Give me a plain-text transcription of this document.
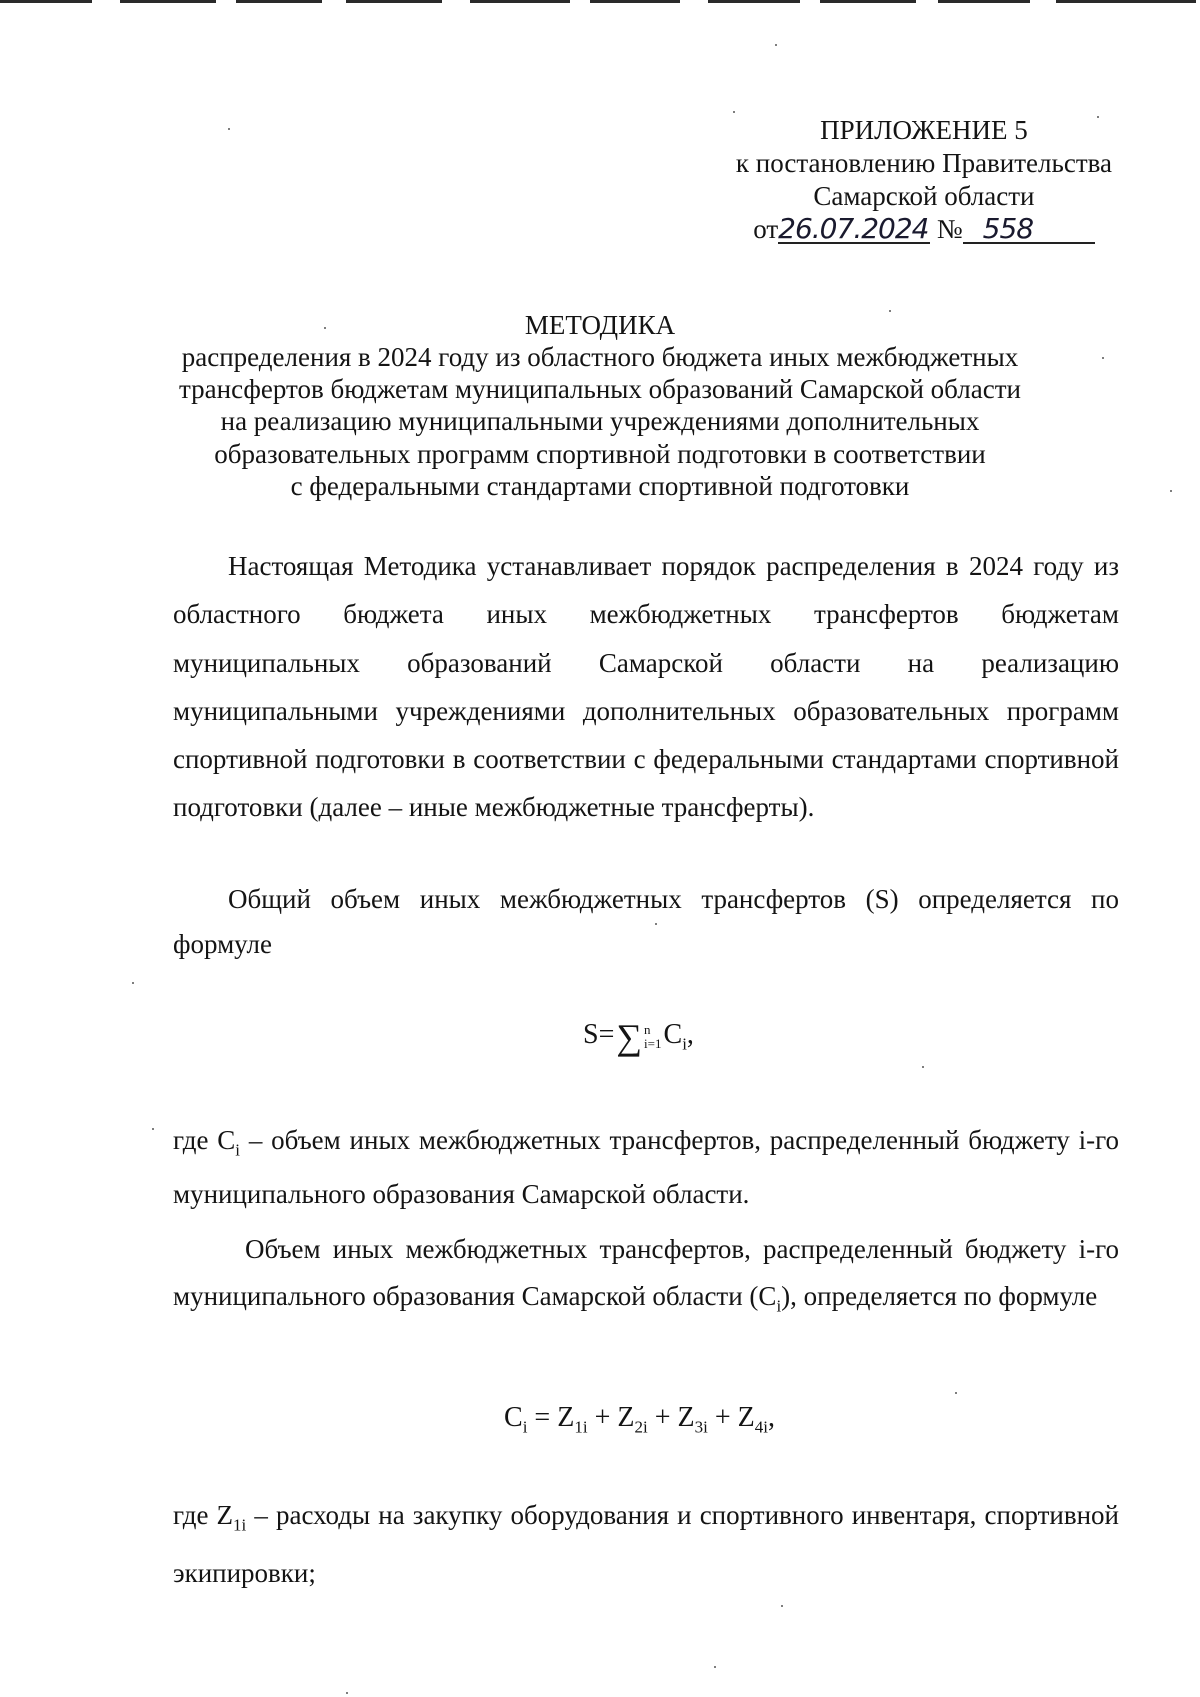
ПРИЛОЖЕНИЕ 5
к постановлению Правительства
Самарской области
от26.07.2024 № 558
МЕТОДИКА
распределения в 2024 году из областного бюджета иных межбюджетных
трансфертов бюджетам муниципальных образований Самарской области
на реализацию муниципальными учреждениями дополнительных
образовательных программ спортивной подготовки в соответствии
с федеральными стандартами спортивной подготовки
Настоящая Методика устанавливает порядок распределения в 2024 году из областного бюджета иных межбюджетных трансфертов бюджетам муниципальных образований Самарской области на реализацию муниципальными учреждениями дополнительных образовательных программ спортивной подготовки в соответствии с федеральными стандартами спортивной подготовки (далее – иные межбюджетные трансферты).
Общий объем иных межбюджетных трансфертов (S) определяется по формуле
S=∑ n
i=1 $C_i$,
где $C_i$ – объем иных межбюджетных трансфертов, распределенный бюджету i-го муниципального образования Самарской области.
Объем иных межбюджетных трансфертов, распределенный бюджету i-го муниципального образования Самарской области $(C_i)$, определяется по формуле
$C_i = Z_{1i} + Z_{2i} + Z_{3i} + Z_{4i}$,
где $Z_{1i}$ – расходы на закупку оборудования и спортивного инвентаря, спортивной экипировки;
